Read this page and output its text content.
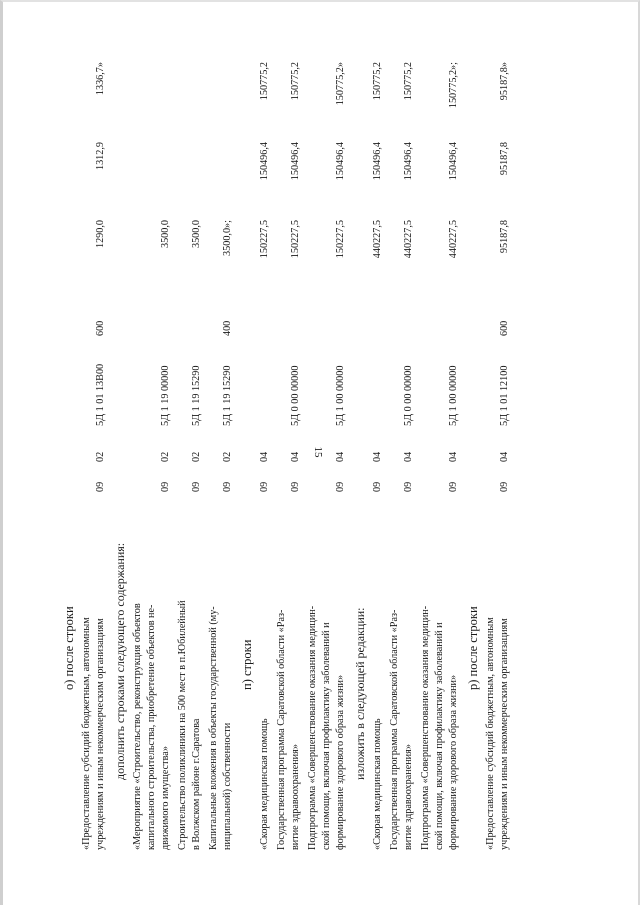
15
о) после строки «Предоставление субсидий бюджетным, автономным учреждениям и иным некоммерческим организациям
09
02
5Д 1 01 13В00
600
1290,0
1312,9
1336,7»
дополнить строками следующего содержания: «Мероприятие «Строительство, реконструкция объектов капитального строительства, приобретение объектов не- движимого имущества»
09
02
5Д 1 19 00000
3500,0
Строительство поликлиники на 500 мест в п.Юбилейный в Волжском районе г.Саратова
09
02
5Д 1 19 15290
3500,0
Капитальные вложения в объекты государственной (му- ниципальной) собственности
09
02
5Д 1 19 15290
400
3500,0»;
п) строки
«Скорая медицинская помощь
09
04
150227,5
150496,4
150775,2
Государственная программа Саратовской области «Раз- витие здравоохранения»
09
04
5Д 0 00 00000
150227,5
150496,4
150775,2
Подпрограмма «Совершенствование оказания медицин- ской помощи, включая профилактику заболеваний и формирование здорового образа жизни»
09
04
5Д 1 00 00000
150227,5
150496,4
150775,2»
изложить в следующей редакции:
«Скорая медицинская помощь
09
04
440227,5
150496,4
150775,2
Государственная программа Саратовской области «Раз- витие здравоохранения»
09
04
5Д 0 00 00000
440227,5
150496,4
150775,2
Подпрограмма «Совершенствование оказания медицин- ской помощи, включая профилактику заболеваний и формирование здорового образа жизни»
09
04
5Д 1 00 00000
440227,5
150496,4
150775,2»;
р) после строки «Предоставление субсидий бюджетным, автономным учреждениям и иным некоммерческим организациям
09
04
5Д 1 01 12100
600
95187,8
95187,8
95187,8»
